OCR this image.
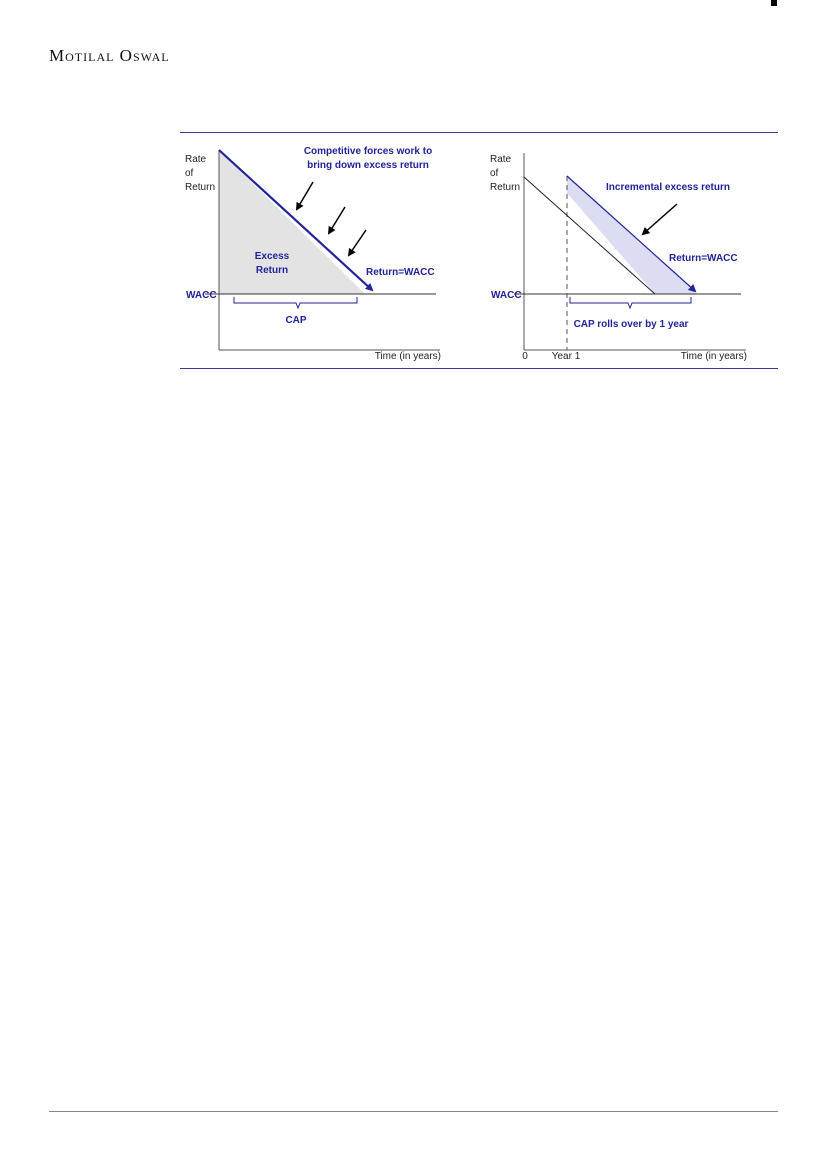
Motilal Oswal
Rate
of
Return
Competitive forces work to
bring down excess return
Excess
Return	Return=WACC
WACC
CAP
Time (in years)
Rate
of
Return	Incremental excess return
Return=WACC
WACC
CAP rolls over by 1 year
0 Year 1	Time (in years)
